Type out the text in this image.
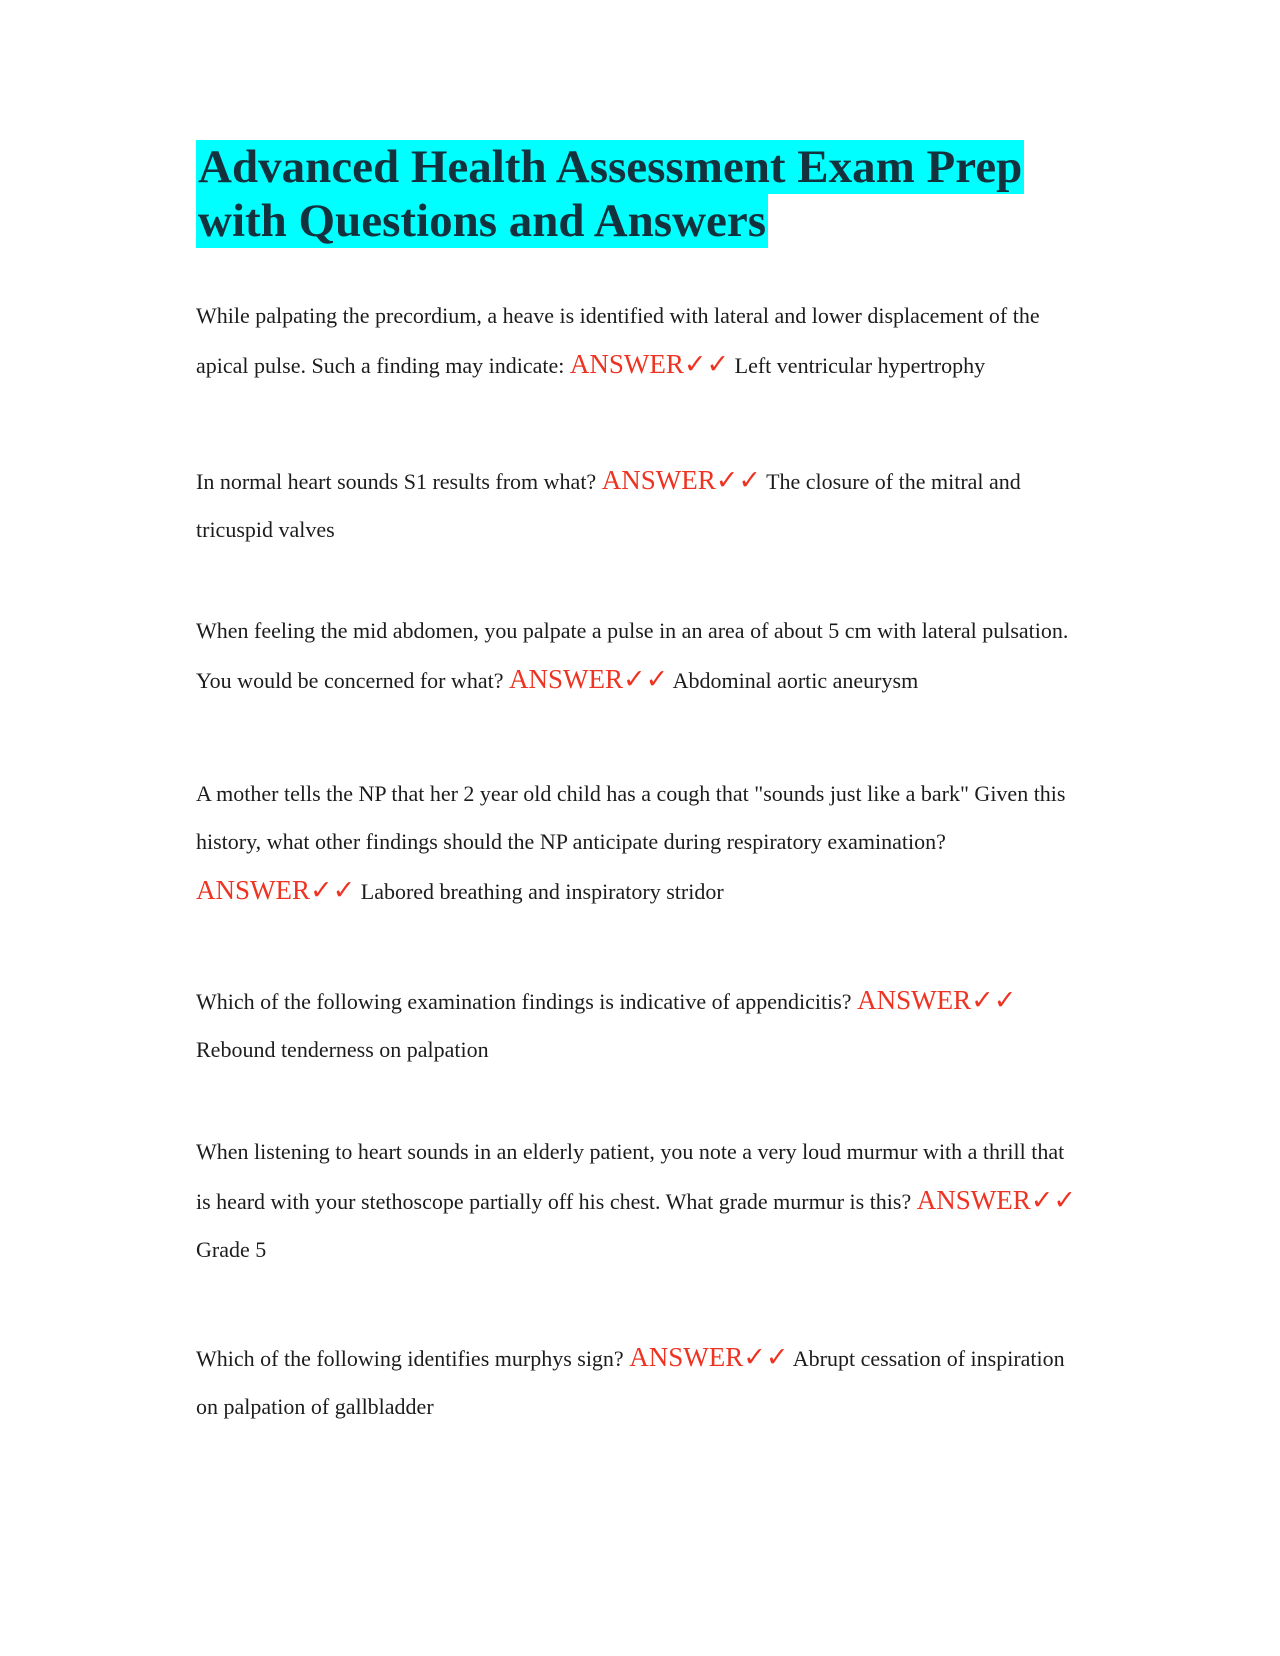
Advanced Health Assessment Exam Prep
with Questions and Answers

While palpating the precordium, a heave is identified with lateral and lower displacement of the apical pulse. Such a finding may indicate: ANSWER✓✓ Left ventricular hypertrophy

In normal heart sounds S1 results from what? ANSWER✓✓ The closure of the mitral and tricuspid valves

When feeling the mid abdomen, you palpate a pulse in an area of about 5 cm with lateral pulsation. You would be concerned for what? ANSWER✓✓ Abdominal aortic aneurysm

A mother tells the NP that her 2 year old child has a cough that "sounds just like a bark" Given this history, what other findings should the NP anticipate during respiratory examination? ANSWER✓✓ Labored breathing and inspiratory stridor

Which of the following examination findings is indicative of appendicitis? ANSWER✓✓ Rebound tenderness on palpation

When listening to heart sounds in an elderly patient, you note a very loud murmur with a thrill that is heard with your stethoscope partially off his chest. What grade murmur is this? ANSWER✓✓ Grade 5

Which of the following identifies murphys sign? ANSWER✓✓ Abrupt cessation of inspiration on palpation of gallbladder
